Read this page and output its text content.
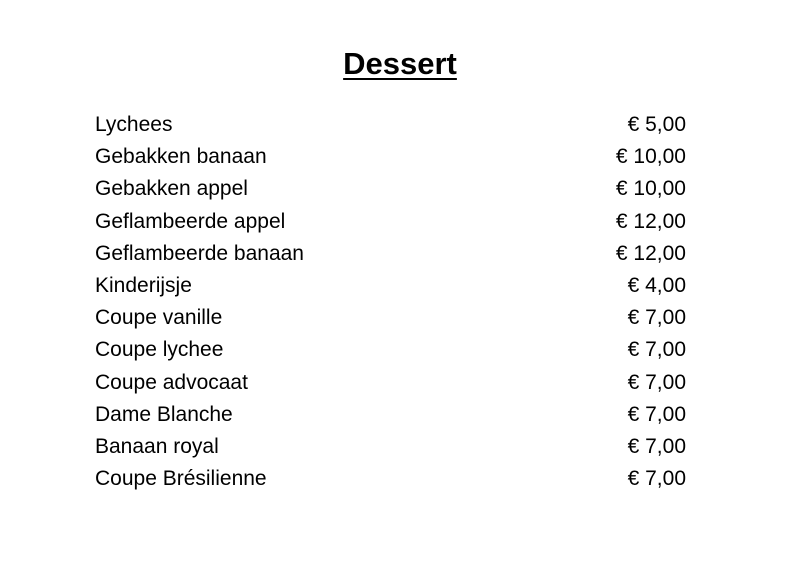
Dessert
Lychees	€ 5,00
Gebakken banaan	€ 10,00
Gebakken appel	€ 10,00
Geflambeerde appel	€ 12,00
Geflambeerde banaan	€ 12,00
Kinderijsje	€ 4,00
Coupe vanille	€ 7,00
Coupe lychee	€ 7,00
Coupe advocaat	€ 7,00
Dame Blanche	€ 7,00
Banaan royal	€ 7,00
Coupe Brésilienne	€ 7,00
